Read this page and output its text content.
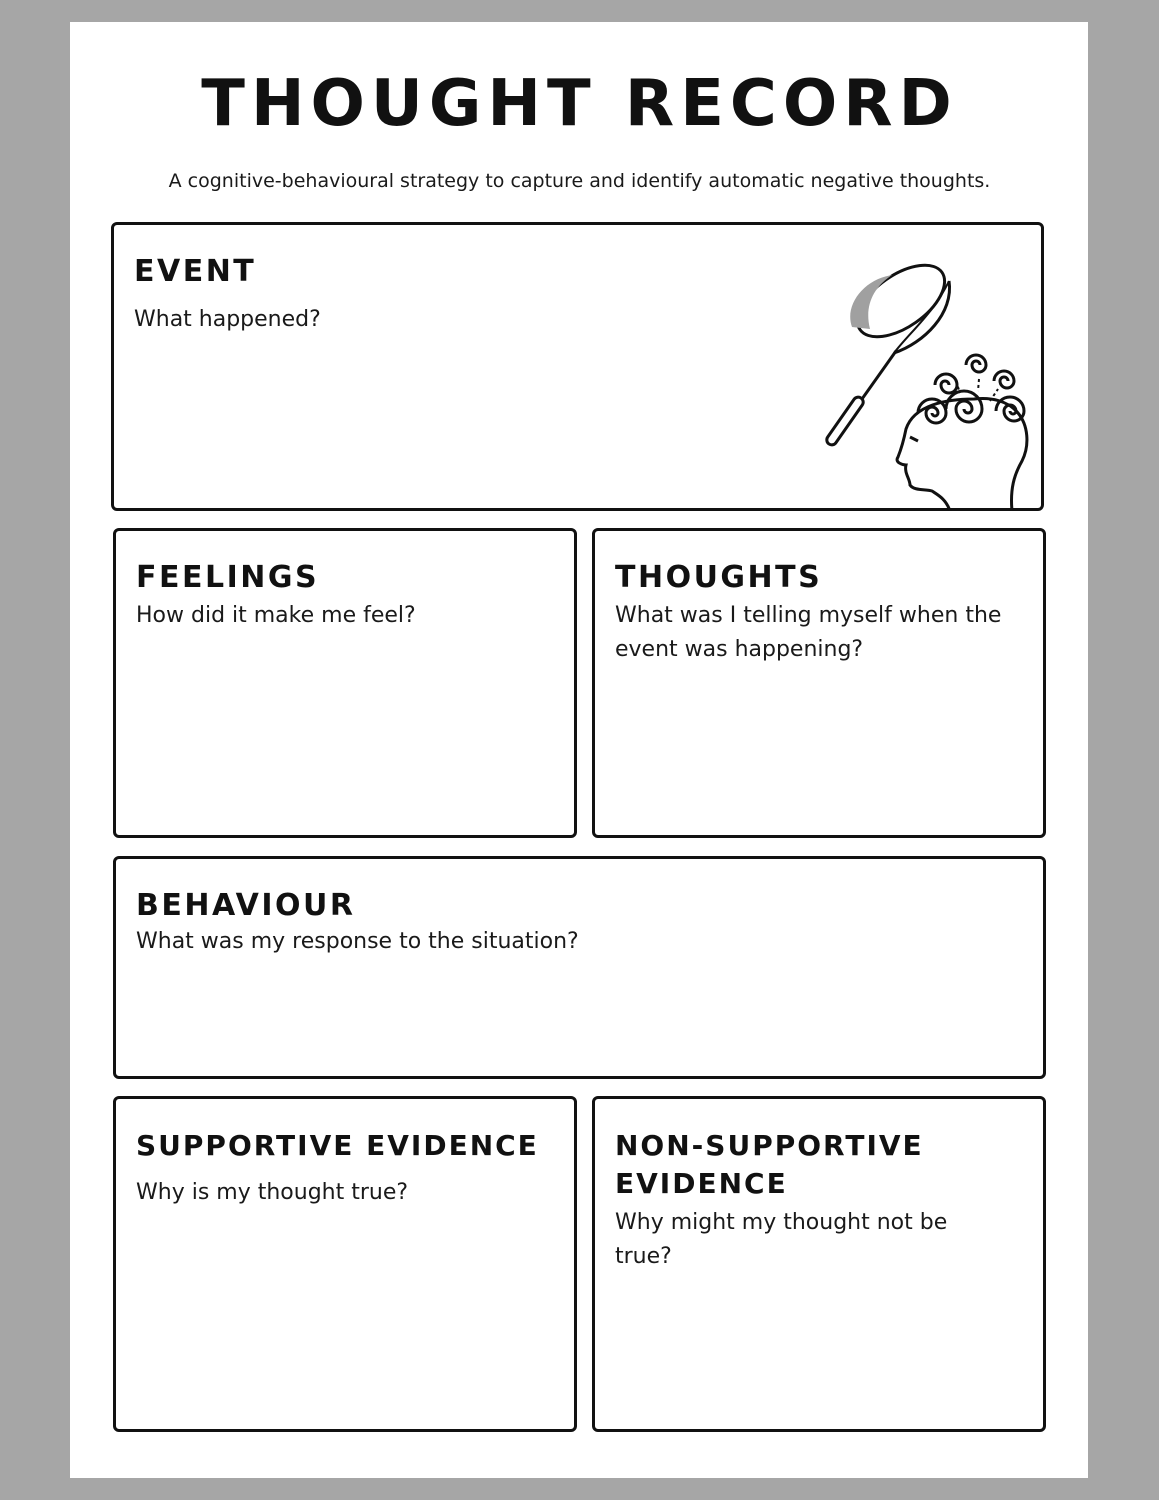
THOUGHT RECORD

A cognitive-behavioural strategy to capture and identify automatic negative thoughts.

EVENT

What happened?

FEELINGS

How did it make me feel?

THOUGHTS

What was I telling myself when the event was happening?

BEHAVIOUR

What was my response to the situation?

SUPPORTIVE EVIDENCE

Why is my thought true?

NON-SUPPORTIVE EVIDENCE

Why might my thought not be true?
